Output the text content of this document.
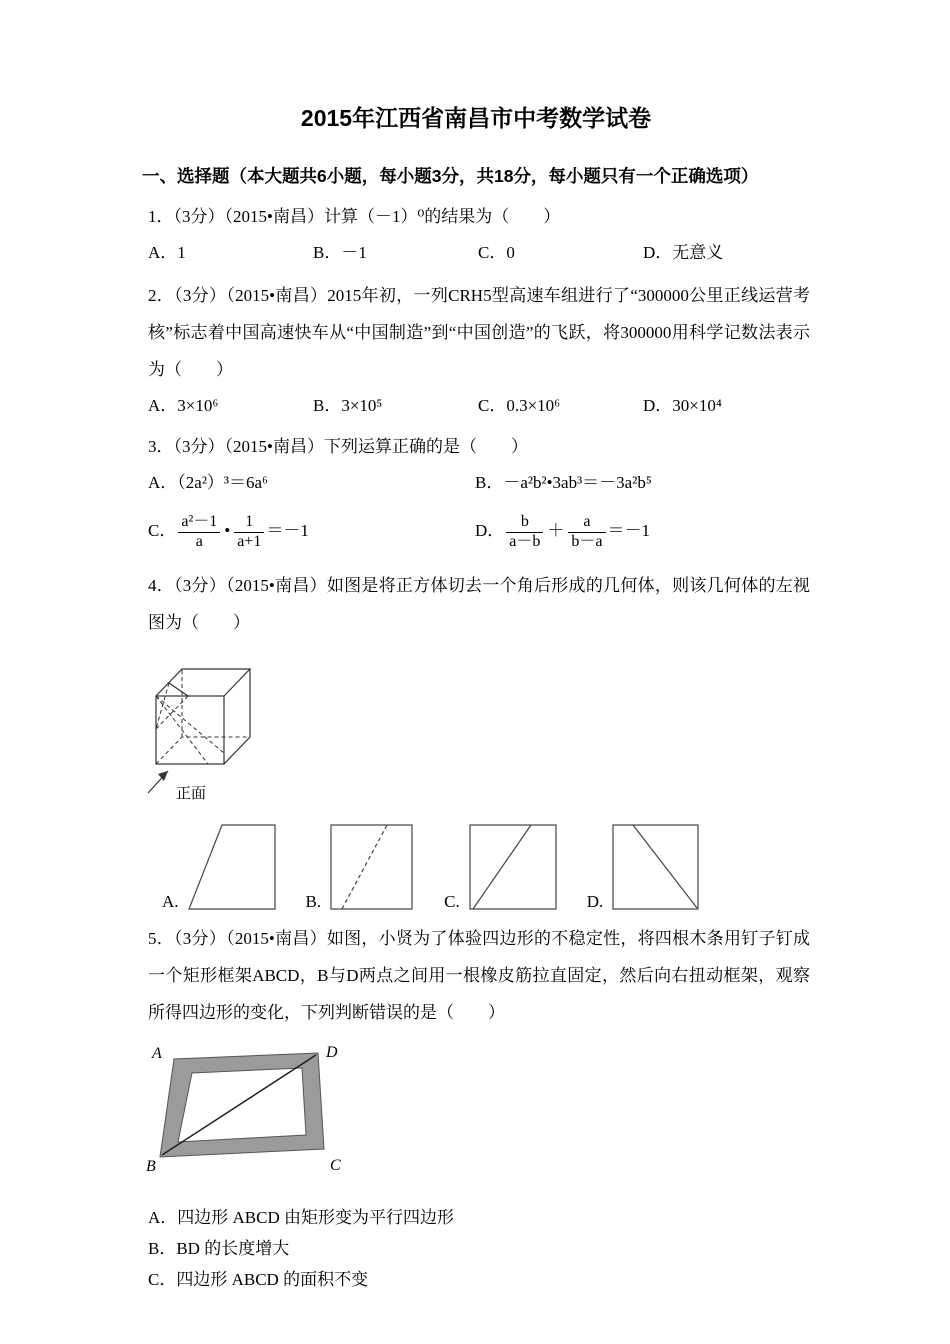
2015年江西省南昌市中考数学试卷
一、选择题（本大题共6小题，每小题3分，共18分，每小题只有一个正确选项）
1．（3分）（2015•南昌）计算（－1）⁰的结果为（　　）
A．1	B．－1	C．0	D．无意义
2．（3分）（2015•南昌）2015年初，一列CRH5型高速车组进行了“300000公里正线运营考核”标志着中国高速快车从“中国制造”到“中国创造”的飞跃，将300000用科学记数法表示为（　　）
A．3×10⁶	B．3×10⁵	C．0.3×10⁶	D．30×10⁴
3．（3分）（2015•南昌）下列运算正确的是（　　）
A．（2a²）³＝6a⁶	B．－a²b²•3ab³＝－3a²b⁵
C． $\frac{\text{a²－1}}{a}$ • $\frac{1}{a+1} =-1$	D． $\frac{b}{a-b} + \frac{a}{b-a} =-1$
4．（3分）（2015•南昌）如图是将正方体切去一个角后形成的几何体，则该几何体的左视图为（　　）
正面
A.	B.	C.	D.
5．（3分）（2015•南昌）如图，小贤为了体验四边形的不稳定性，将四根木条用钉子钉成一个矩形框架ABCD，B与D两点之间用一根橡皮筋拉直固定，然后向右扭动框架，观察所得四边形的变化，下列判断错误的是（　　）
A	D
B	C
A．四边形 ABCD 由矩形变为平行四边形
B．BD 的长度增大
C．四边形 ABCD 的面积不变
